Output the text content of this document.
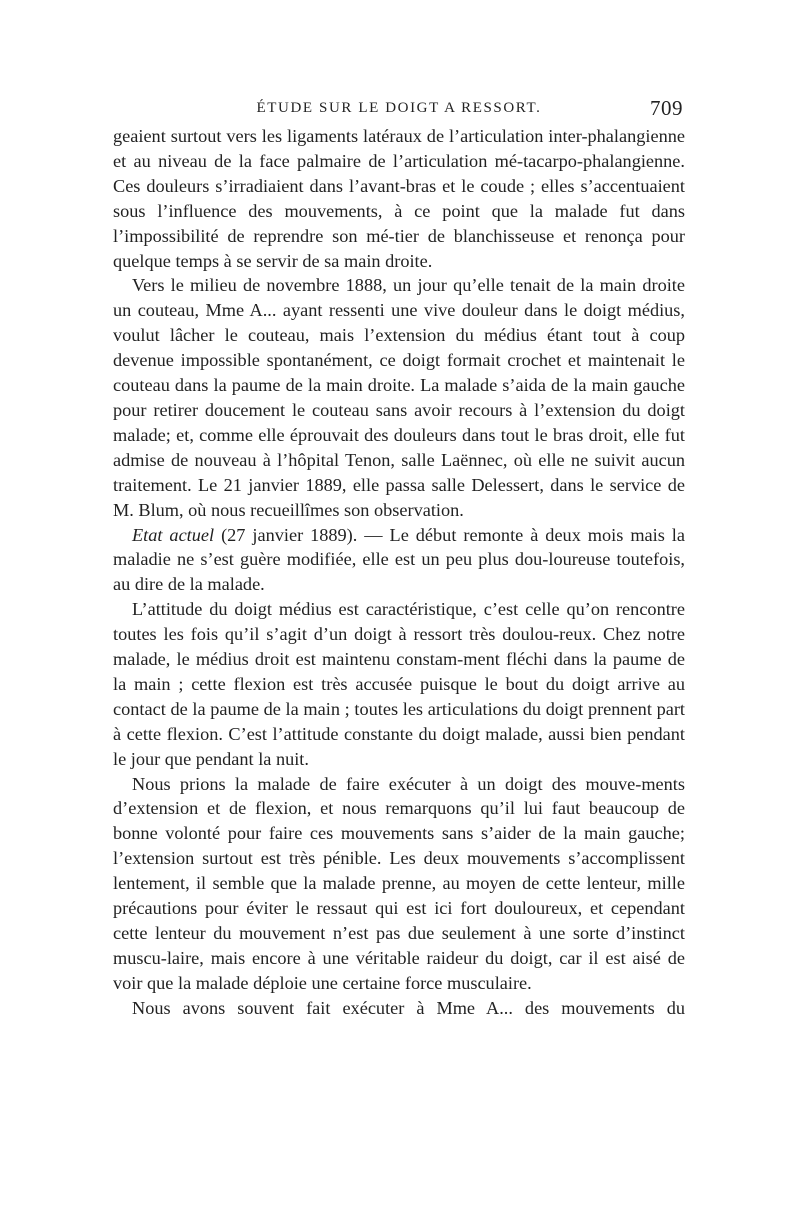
ÉTUDE SUR LE DOIGT A RESSORT.	709

geaient surtout vers les ligaments latéraux de l’articulation inter-phalangienne et au niveau de la face palmaire de l’articulation mé-tacarpo-phalangienne. Ces douleurs s’irradiaient dans l’avant-bras et le coude ; elles s’accentuaient sous l’influence des mouvements, à ce point que la malade fut dans l’impossibilité de reprendre son mé-tier de blanchisseuse et renonça pour quelque temps à se servir de sa main droite.

Vers le milieu de novembre 1888, un jour qu’elle tenait de la main droite un couteau, Mme A... ayant ressenti une vive douleur dans le doigt médius, voulut lâcher le couteau, mais l’extension du médius étant tout à coup devenue impossible spontanément, ce doigt formait crochet et maintenait le couteau dans la paume de la main droite. La malade s’aida de la main gauche pour retirer doucement le couteau sans avoir recours à l’extension du doigt malade; et, comme elle éprouvait des douleurs dans tout le bras droit, elle fut admise de nouveau à l’hôpital Tenon, salle Laënnec, où elle ne suivit aucun traitement. Le 21 janvier 1889, elle passa salle Delessert, dans le service de M. Blum, où nous recueillîmes son observation.

Etat actuel (27 janvier 1889). — Le début remonte à deux mois mais la maladie ne s’est guère modifiée, elle est un peu plus dou-loureuse toutefois, au dire de la malade.

L’attitude du doigt médius est caractéristique, c’est celle qu’on rencontre toutes les fois qu’il s’agit d’un doigt à ressort très doulou-reux. Chez notre malade, le médius droit est maintenu constam-ment fléchi dans la paume de la main ; cette flexion est très accusée puisque le bout du doigt arrive au contact de la paume de la main ; toutes les articulations du doigt prennent part à cette flexion. C’est l’attitude constante du doigt malade, aussi bien pendant le jour que pendant la nuit.

Nous prions la malade de faire exécuter à un doigt des mouve-ments d’extension et de flexion, et nous remarquons qu’il lui faut beaucoup de bonne volonté pour faire ces mouvements sans s’aider de la main gauche; l’extension surtout est très pénible. Les deux mouvements s’accomplissent lentement, il semble que la malade prenne, au moyen de cette lenteur, mille précautions pour éviter le ressaut qui est ici fort douloureux, et cependant cette lenteur du mouvement n’est pas due seulement à une sorte d’instinct muscu-laire, mais encore à une véritable raideur du doigt, car il est aisé de voir que la malade déploie une certaine force musculaire.

Nous avons souvent fait exécuter à Mme A... des mouvements du
